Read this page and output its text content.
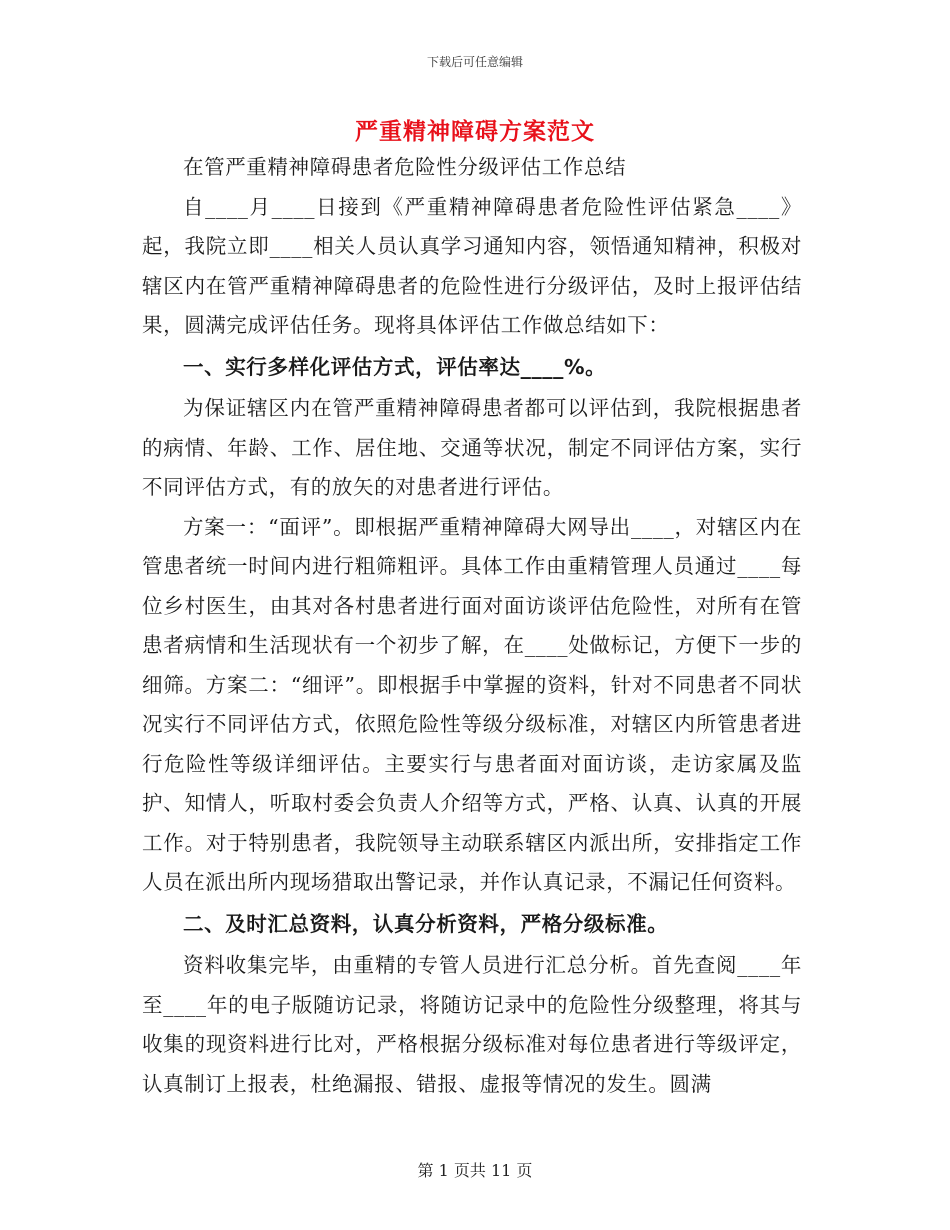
下载后可任意编辑
严重精神障碍方案范文

在管严重精神障碍患者危险性分级评估工作总结

自____月____日接到《严重精神障碍患者危险性评估紧急____》起，我院立即____相关人员认真学习通知内容，领悟通知精神，积极对辖区内在管严重精神障碍患者的危险性进行分级评估，及时上报评估结果，圆满完成评估任务。现将具体评估工作做总结如下：

一、实行多样化评估方式，评估率达____%。

为保证辖区内在管严重精神障碍患者都可以评估到，我院根据患者的病情、年龄、工作、居住地、交通等状况，制定不同评估方案，实行不同评估方式，有的放矢的对患者进行评估。

方案一：“面评”。即根据严重精神障碍大网导出____，对辖区内在管患者统一时间内进行粗筛粗评。具体工作由重精管理人员通过____每位乡村医生，由其对各村患者进行面对面访谈评估危险性，对所有在管患者病情和生活现状有一个初步了解，在____处做标记，方便下一步的细筛。方案二：“细评”。即根据手中掌握的资料，针对不同患者不同状况实行不同评估方式，依照危险性等级分级标准，对辖区内所管患者进行危险性等级详细评估。主要实行与患者面对面访谈，走访家属及监护、知情人，听取村委会负责人介绍等方式，严格、认真、认真的开展工作。对于特别患者，我院领导主动联系辖区内派出所，安排指定工作人员在派出所内现场猎取出警记录，并作认真记录，不漏记任何资料。

二、及时汇总资料，认真分析资料，严格分级标准。

资料收集完毕，由重精的专管人员进行汇总分析。首先查阅____年至____年的电子版随访记录，将随访记录中的危险性分级整理，将其与收集的现资料进行比对，严格根据分级标准对每位患者进行等级评定，认真制订上报表，杜绝漏报、错报、虚报等情况的发生。圆满

第 1 页共 11 页
